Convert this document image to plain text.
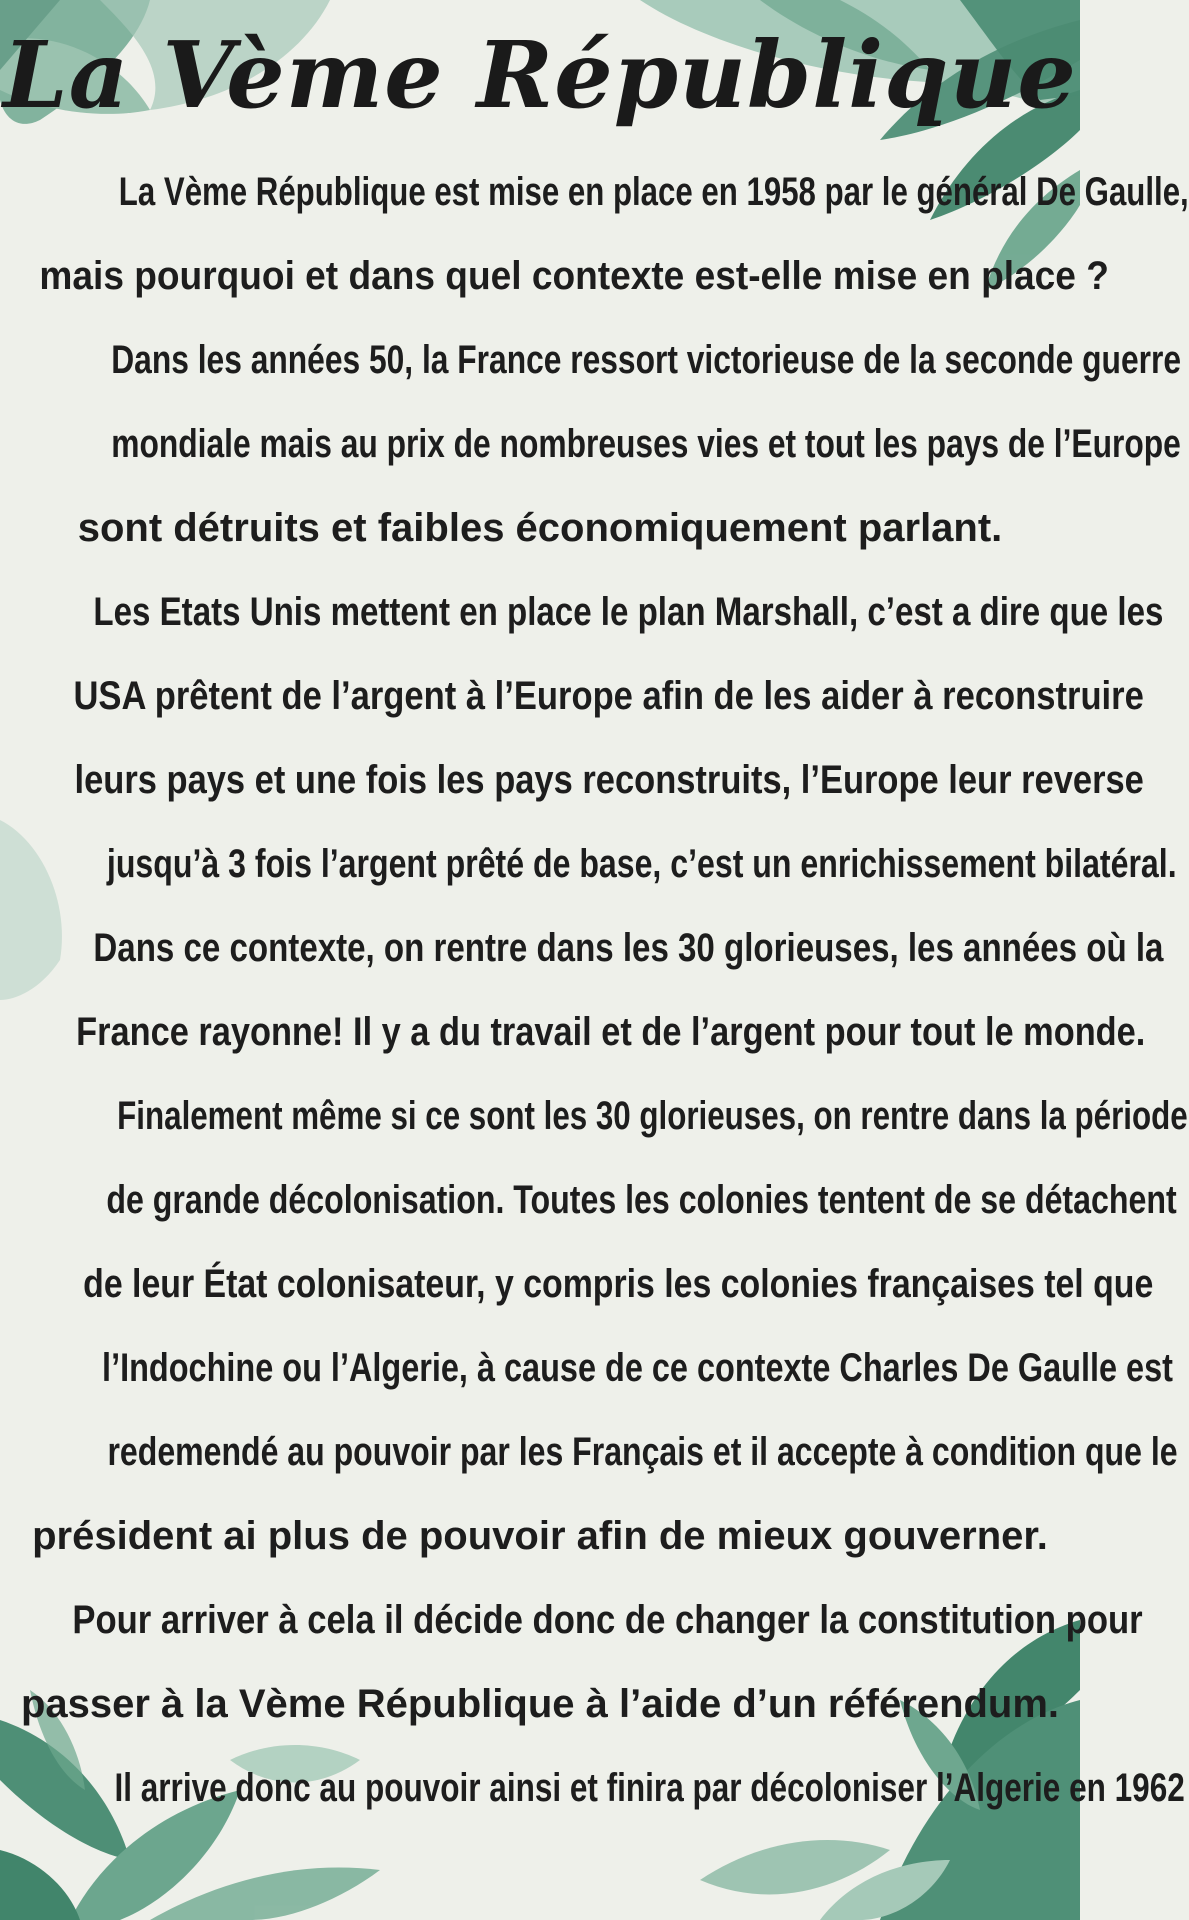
La Vème République
La Vème République est mise en place en 1958 par le général De Gaulle,
mais pourquoi et dans quel contexte est-elle mise en place ?
Dans les années 50, la France ressort victorieuse de la seconde guerre
mondiale mais au prix de nombreuses vies et tout les pays de l’Europe
sont détruits et faibles économiquement parlant.
Les Etats Unis mettent en place le plan Marshall, c’est a dire que les
USA prêtent de l’argent à l’Europe afin de les aider à reconstruire
leurs pays et une fois les pays reconstruits, l’Europe leur reverse
jusqu’à 3 fois l’argent prêté de base, c’est un enrichissement bilatéral.
Dans ce contexte, on rentre dans les 30 glorieuses, les années où la
France rayonne! Il y a du travail et de l’argent pour tout le monde.
Finalement même si ce sont les 30 glorieuses, on rentre dans la période
de grande décolonisation. Toutes les colonies tentent de se détachent
de leur État colonisateur, y compris les colonies françaises tel que
l’Indochine ou l’Algerie, à cause de ce contexte Charles De Gaulle est
redemendé au pouvoir par les Français et il accepte à condition que le
président ai plus de pouvoir afin de mieux gouverner.
Pour arriver à cela il décide donc de changer la constitution pour
passer à la Vème République à l’aide d’un référendum.
Il arrive donc au pouvoir ainsi et finira par décoloniser l’Algerie en 1962
